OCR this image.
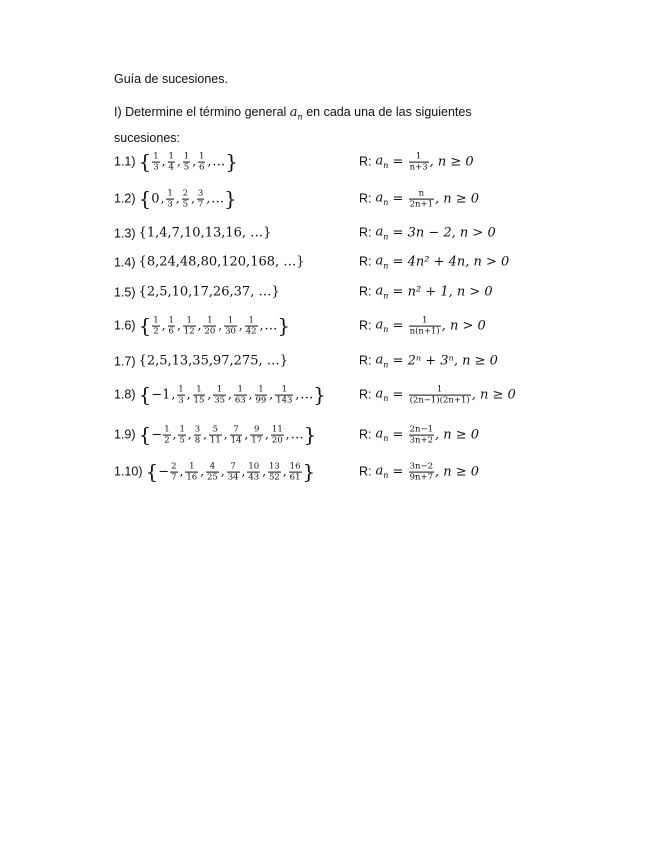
Guía de sucesiones.
I) Determine el término general $a_n$ en cada una de las siguientes sucesiones:
1.1) { $\frac{1}{3}$ , $\frac{1}{4}$ , $\frac{1}{5}$ , $\frac{1}{6}$ , … }	R: $a_n = \frac{1}{n+3}$ , n ≥ 0
1.2) { 0 , $\frac{1}{3}$ , $\frac{2}{5}$ , $\frac{3}{7}$ , … }	R: $a_n = \frac{n}{2n+1}$ , n ≥ 0
1.3) {1,4,7,10,13,16, …}	R: $a_n = 3n - 2$, n > 0
1.4) {8,24,48,80,120,168, …}	R: $a_n = 4n^2 + 4n$, n > 0
1.5) {2,5,10,17,26,37, …}	R: $a_n = n^2 + 1$, n > 0
1.6) { $\frac{1}{2}$ , $\frac{1}{6}$ , $\frac{1}{12}$ , $\frac{1}{20}$ , $\frac{1}{30}$ , $\frac{1}{42}$ , … }	R: $a_n = \frac{1}{n(n+1)}$ , n > 0
1.7) {2,5,13,35,97,275, …}	R: $a_n = 2^n + 3^n$, n ≥ 0
1.8) { −1 , $\frac{1}{3}$ , $\frac{1}{15}$ , $\frac{1}{35}$ , $\frac{1}{63}$ , $\frac{1}{99}$ , $\frac{1}{143}$ , … }	R: $a_n = \frac{1}{(2n-1)(2n+1)}$ , n ≥ 0
1.9) { − $\frac{1}{2}$ , $\frac{1}{5}$ , $\frac{3}{8}$ , $\frac{5}{11}$ , $\frac{7}{14}$ , $\frac{9}{17}$ , $\frac{11}{20}$ , … }	R: $a_n = \frac{2n-1}{3n+2}$ , n ≥ 0
1.10) { − $\frac{2}{7}$ , $\frac{1}{16}$ , $\frac{4}{25}$ , $\frac{7}{34}$ , $\frac{10}{43}$ , $\frac{13}{52}$ , $\frac{16}{61}$ }	R: $a_n = \frac{3n-2}{9n+7}$ , n ≥ 0
